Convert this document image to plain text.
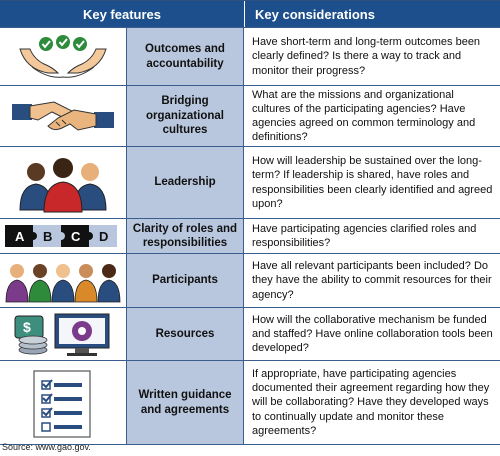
Key features	Key considerations
Outcomes and accountability
Have short-term and long-term outcomes been clearly defined? Is there a way to track and monitor their progress?
Bridging organizational cultures
What are the missions and organizational cultures of the participating agencies? Have agencies agreed on common terminology and definitions?
Leadership
How will leadership be sustained over the long-term? If leadership is shared, have roles and responsibilities been clearly identified and agreed upon?
A B C D
Clarity of roles and responsibilities
Have participating agencies clarified roles and responsibilities?
Participants
Have all relevant participants been included? Do they have the ability to commit resources for their agency?
$	Resources
How will the collaborative mechanism be funded and staffed? Have online collaboration tools been developed?
Written guidance and agreements
If appropriate, have participating agencies documented their agreement regarding how they will be collaborating? Have they developed ways to continually update and monitor these agreements?
Source: www.gao.gov.
